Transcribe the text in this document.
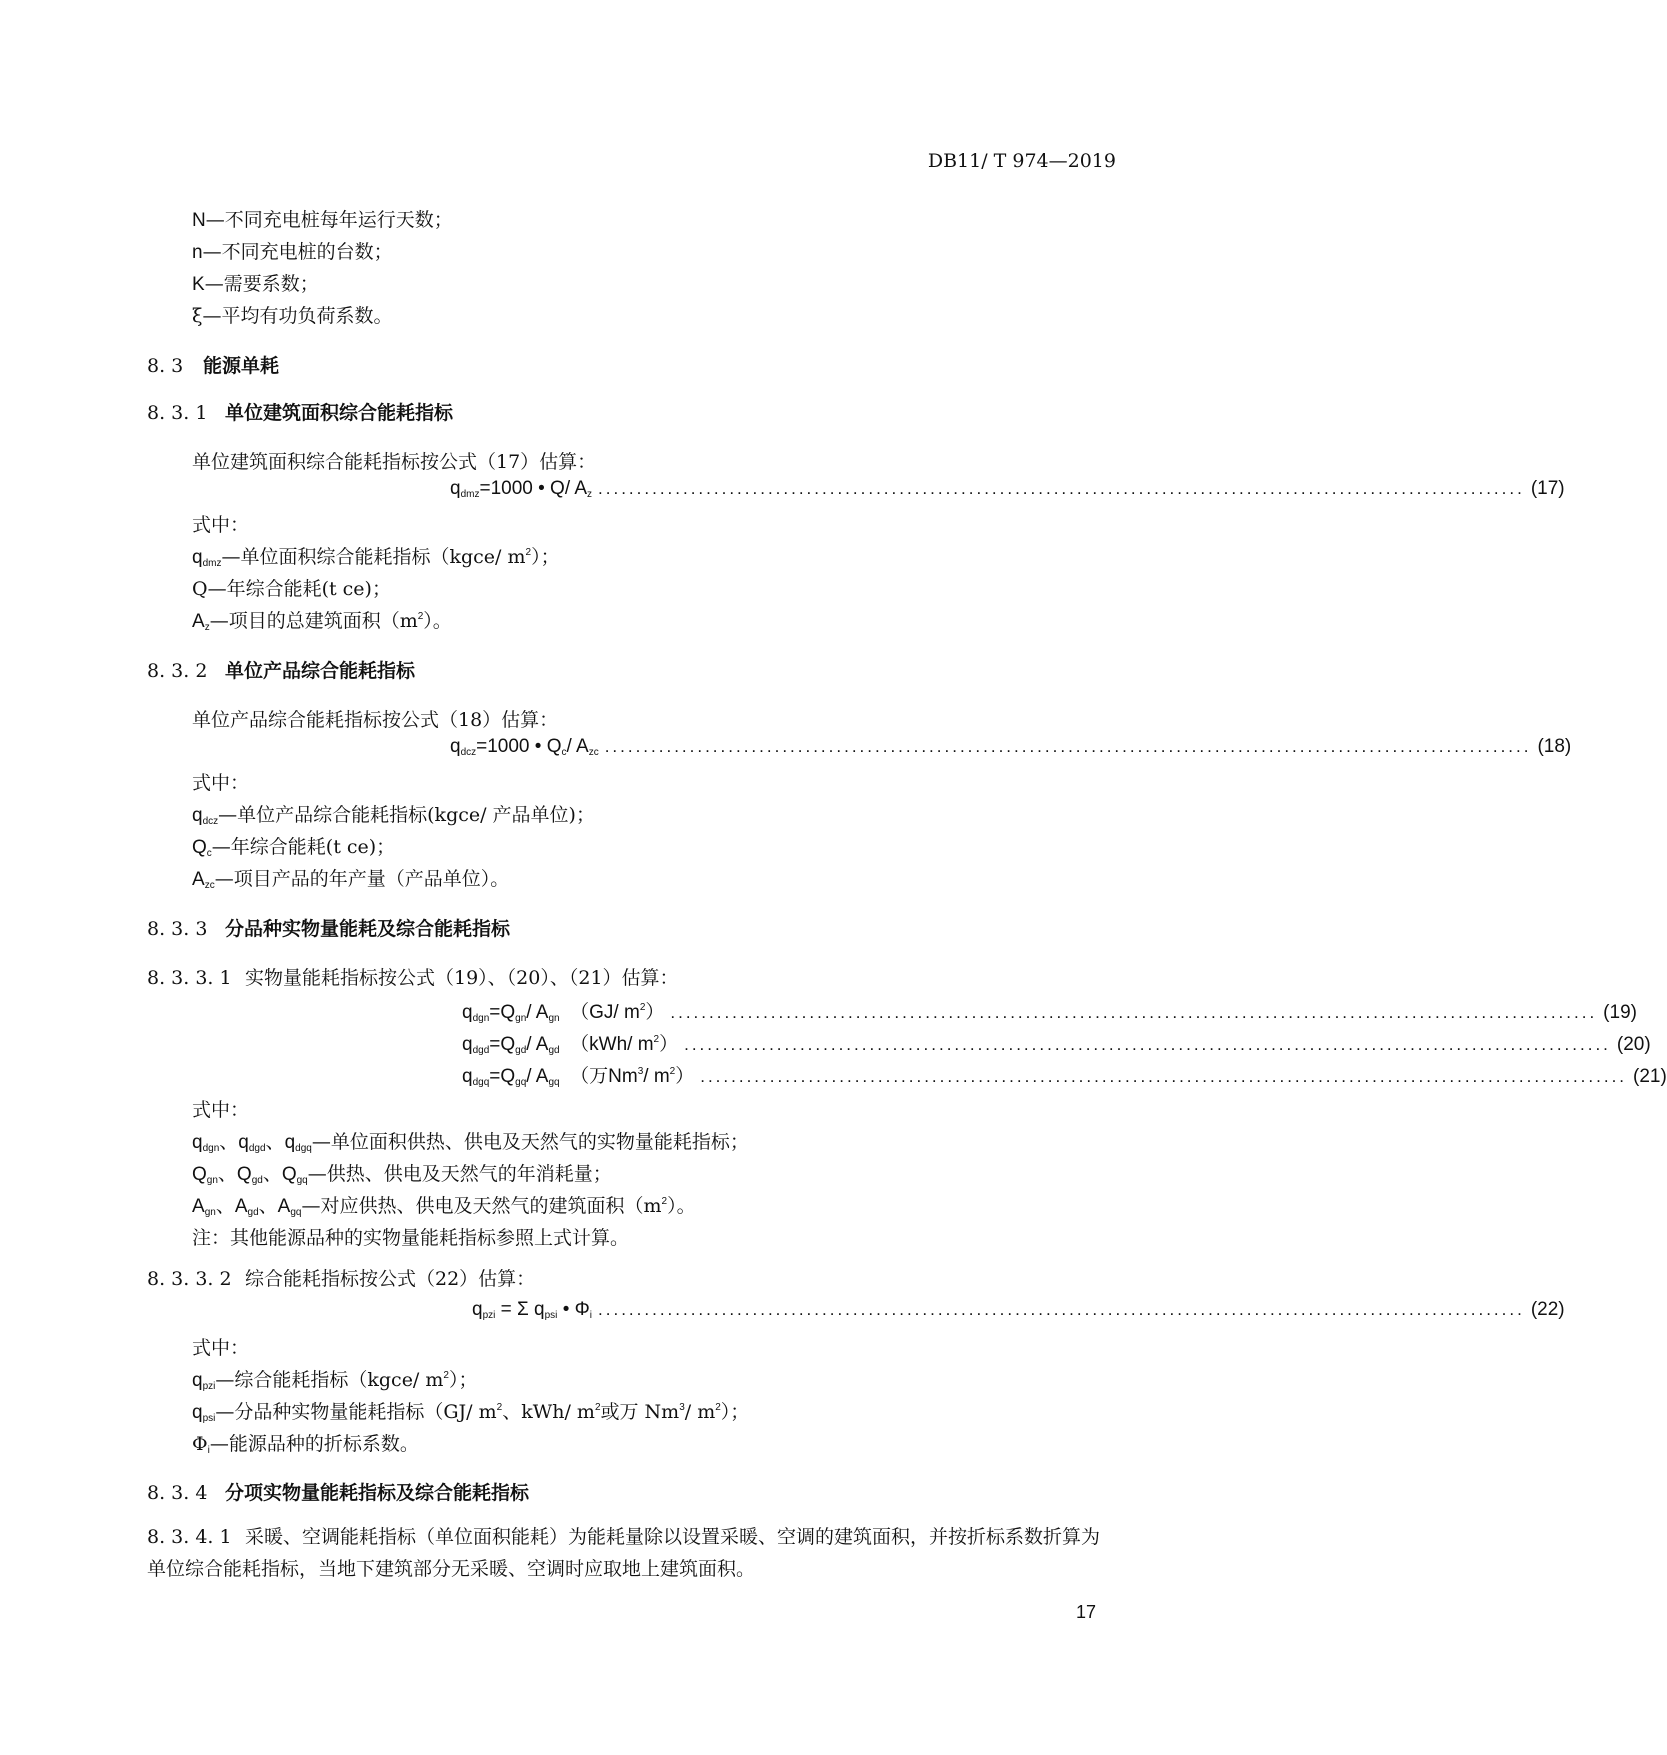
DB11/ T 974—2019
N—不同充电桩每年运行天数；
n—不同充电桩的台数；
K—需要系数；
ξ—平均有功负荷系数。
8. 3 能源单耗
8. 3. 1 单位建筑面积综合能耗指标
单位建筑面积综合能耗指标按公式（17）估算：
$q_{dmz}=1000$ • Q/ $A_z$ ........................................................................................................................ (17)
式中：
$q_{dmz}—$单位面积综合能耗指标（kgce/ $m^2$）；
Q—年综合能耗(t ce)；
$A_z—$项目的总建筑面积$(m^2)$。
8. 3. 2 单位产品综合能耗指标
单位产品综合能耗指标按公式（18）估算：
$q_{dcz}=1000$ • $Q_c/$ $A_{zc}$ ........................................................................................................................ (18)
式中：
$q_{dcz}—$单位产品综合能耗指标(kgce/ 产品单位)；
$Q_c—$年综合能耗(t ce)；
$A_{zc}—$项目产品的年产量（产品单位）。
8. 3. 3 分品种实物量能耗及综合能耗指标
8. 3. 3. 1 实物量能耗指标按公式（19）、（20）、（21）估算：
$q_{dgn}=Q_{gn}/$ $A_{gn}$ （GJ/ $m^2$） ........................................................................................................................ (19)
$q_{dgd}=Q_{gd}/$ $A_{gd}$ （kWh/ $m^2$） ........................................................................................................................ (20)
$q_{dgq}=Q_{gq}/$ $A_{gq}$ （万Nm$^3$/ $m^2$） ........................................................................................................................ (21)
式中：
$q_{dgn}$、$q_{dgd}$、$q_{dgq}—$单位面积供热、供电及天然气的实物量能耗指标；
$Q_{gn}$、$Q_{gd}$、$Q_{gq}—$供热、供电及天然气的年消耗量；
$A_{gn}$、$A_{gd}$、$A_{gq}—$对应供热、供电及天然气的建筑面积$(m^2)$。
注：其他能源品种的实物量能耗指标参照上式计算。
8. 3. 3. 2 综合能耗指标按公式（22）估算：
$q_{pzi} = \Sigma$ $q_{psi}$ • $\Phi_i$ ........................................................................................................................ (22)
式中：
$q_{pzi}—$综合能耗指标（kgce/ $m^2$）；
$q_{psi}—$分品种实物量能耗指标（GJ/ $m^2$、kWh/ $m^2$或万 Nm$^3$/ $m^2$）；
$\Phi_i—$能源品种的折标系数。
8. 3. 4 分项实物量能耗指标及综合能耗指标
8. 3. 4. 1 采暖、空调能耗指标（单位面积能耗）为能耗量除以设置采暖、空调的建筑面积，并按折标系数折算为单位综合能耗指标，当地下建筑部分无采暖、空调时应取地上建筑面积。
17
